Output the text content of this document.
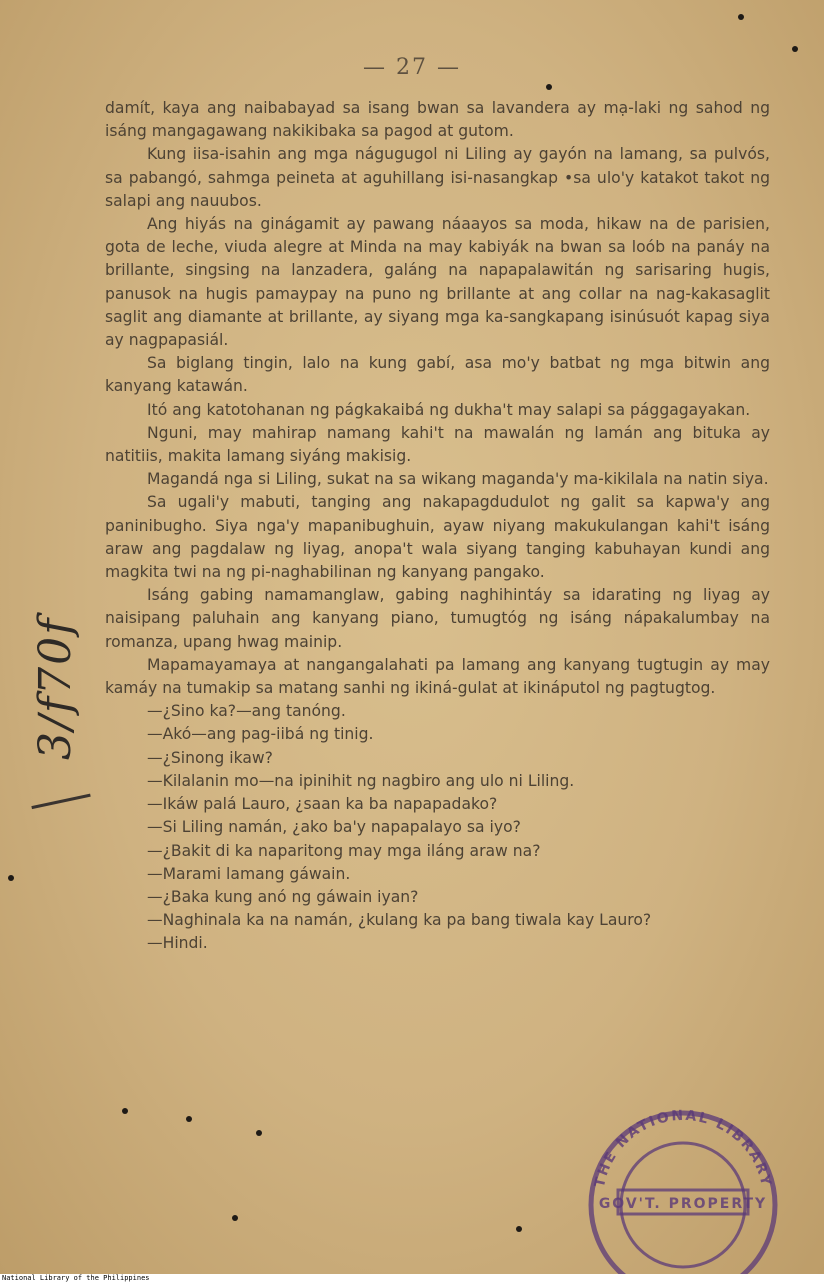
— 27 —

damít, kaya ang naibabayad sa isang bwan sa lavandera ay mạ-laki ng sahod ng isáng mangagawang nakikibaka sa pagod at gutom.

Kung iisa-isahin ang mga nágugugol ni Liling ay gayón na lamang, sa pulvós, sa pabangó, sahmga peineta at aguhillang isi-nasangkap •sa ulo'y katakot takot ng salapi ang nauubos.

Ang hiyás na ginágamit ay pawang náaayos sa moda, hikaw na de parisien, gota de leche, viuda alegre at Minda na may kabiyák na bwan sa loób na panáy na brillante, singsing na lanzadera, galáng na napapalawitán ng sarisaring hugis, panusok na hugis pamaypay na puno ng brillante at ang collar na nag-kakasaglit saglit ang diamante at brillante, ay siyang mga ka-sangkapang isinúsuót kapag siya ay nagpapasiál.

Sa biglang tingin, lalo na kung gabí, asa mo'y batbat ng mga bitwin ang kanyang katawán.

Itó ang katotohanan ng págkakaibá ng dukha't may salapi sa pággagayakan.

Nguni, may mahirap namang kahi't na mawalán ng lamán ang bituka ay natitiis, makita lamang siyáng makisig.

Magandá nga si Liling, sukat na sa wikang maganda'y ma-kikilala na natin siya.

Sa ugali'y mabuti, tanging ang nakapagdudulot ng galit sa kapwa'y ang paninibugho. Siya nga'y mapanibughuin, ayaw niyang makukulangan kahi't isáng araw ang pagdalaw ng liyag, anopa't wala siyang tanging kabuhayan kundi ang magkita twi na ng pi-naghabilinan ng kanyang pangako.

Isáng gabing namamanglaw, gabing naghihintáy sa idarating ng liyag ay naisipang paluhain ang kanyang piano, tumugtóg ng isáng nápakalumbay na romanza, upang hwag mainip.

Mapamayamaya at nangangalahati pa lamang ang kanyang tugtugin ay may kamáy na tumakip sa matang sanhi ng ikiná-gulat at ikináputol ng pagtugtog.

—¿Sino ka?—ang tanóng.

—Akó—ang pag-iibá ng tinig.

—¿Sinong ikaw?

—Kilalanin mo—na ipinihit ng nagbiro ang ulo ni Liling.

—Ikáw palá Lauro, ¿saan ka ba napapadako?

—Si Liling namán, ¿ako ba'y napapalayo sa iyo?

—¿Bakit di ka naparitong may mga iláng araw na?

—Marami lamang gáwain.

—¿Baka kung anó ng gáwain iyan?

—Naghinala ka na namán, ¿kulang ka pa bang tiwala kay Lauro?

—Hindi.

3/f70f
THE NATIONAL LIBRARY
GOV'T. PROPERTY
National Library of the Philippines
